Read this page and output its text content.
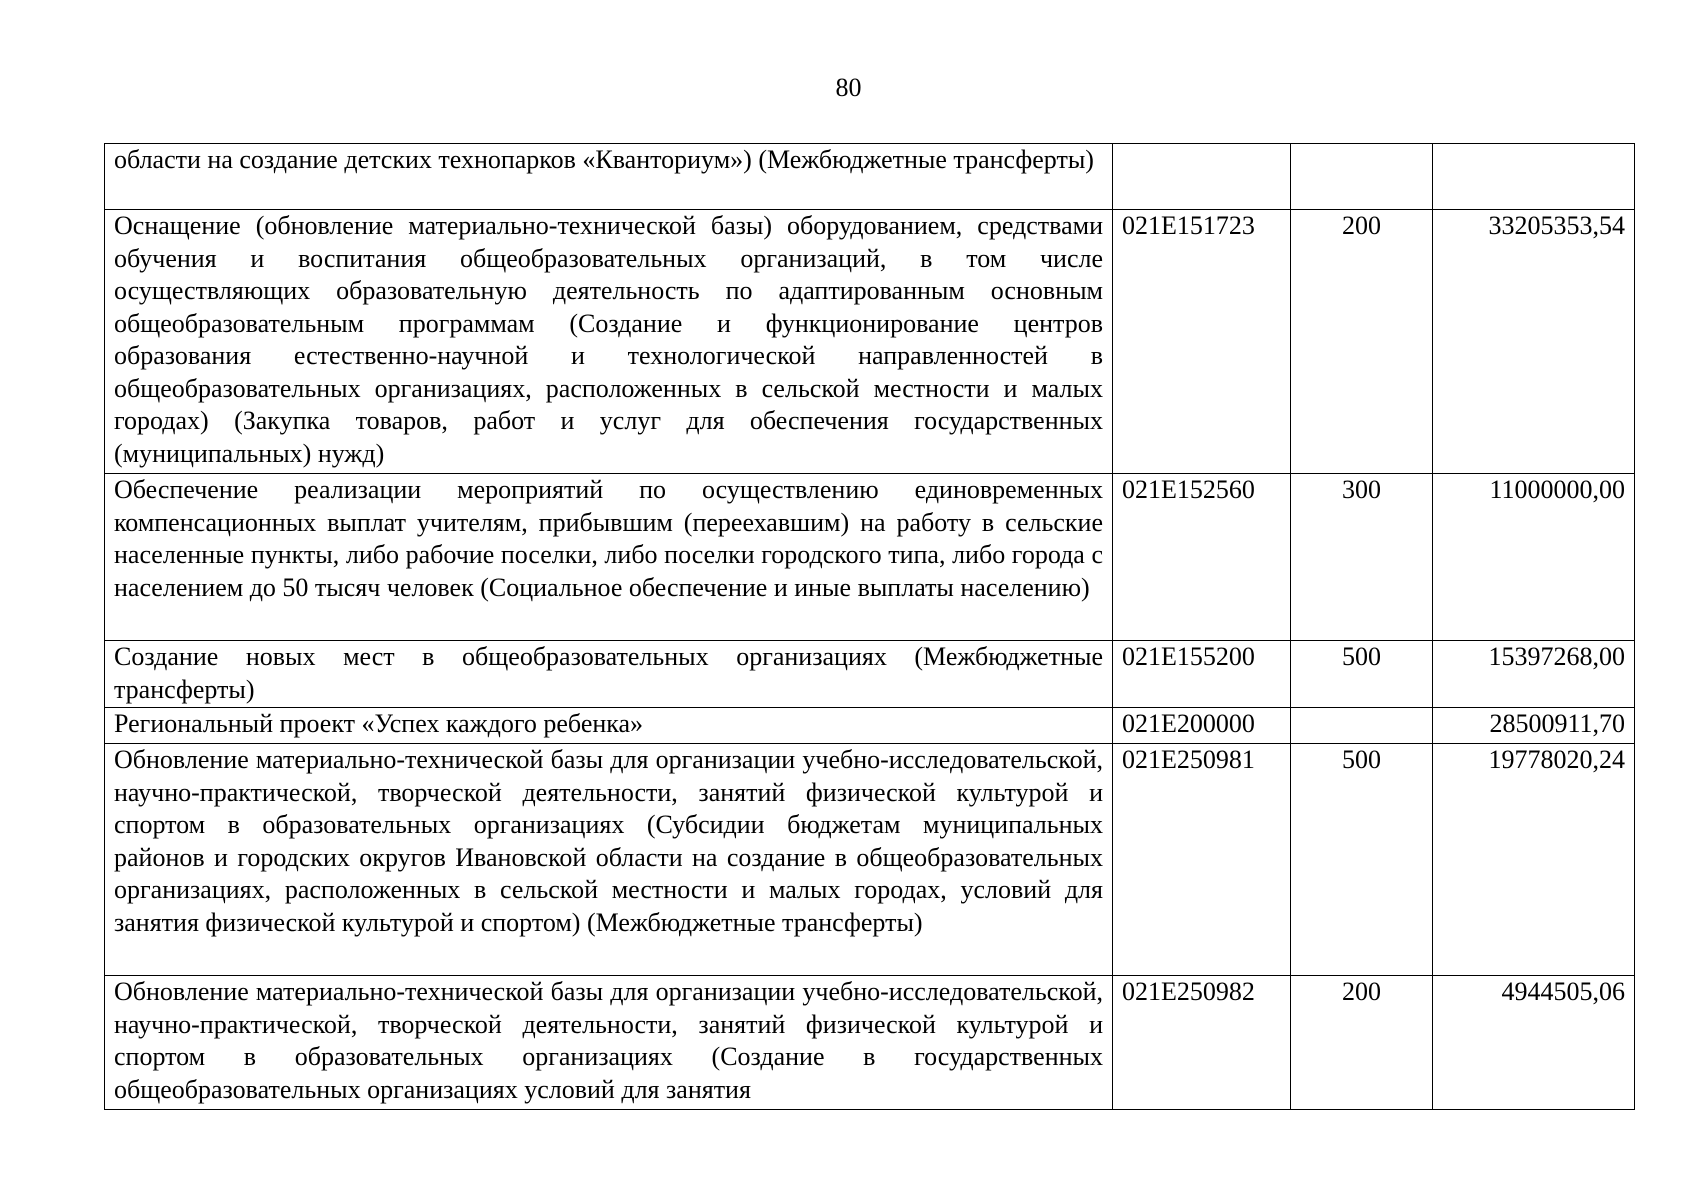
80
области на создание детских технопарков «Кванториум») (Межбюджетные трансферты)			
Оснащение (обновление материально-технической базы) оборудованием, средствами обучения и воспитания общеобразовательных организаций, в том числе осуществляющих образовательную деятельность по адаптированным основным общеобразовательным программам (Создание и функционирование центров образования естественно-научной и технологической направленностей в общеобразовательных организациях, расположенных в сельской местности и малых городах) (Закупка товаров, работ и услуг для обеспечения государственных (муниципальных) нужд)	021Е151723	200	33205353,54
Обеспечение реализации мероприятий по осуществлению единовременных компенсационных выплат учителям, прибывшим (переехавшим) на работу в сельские населенные пункты, либо рабочие поселки, либо поселки городского типа, либо города с населением до 50 тысяч человек (Социальное обеспечение и иные выплаты населению)	021Е152560	300	11000000,00
Создание новых мест в общеобразовательных организациях (Межбюджетные трансферты)	021Е155200	500	15397268,00
Региональный проект «Успех каждого ребенка»	021Е200000		28500911,70
Обновление материально-технической базы для организации учебно-исследовательской, научно-практической, творческой деятельности, занятий физической культурой и спортом в образовательных организациях (Субсидии бюджетам муниципальных районов и городских округов Ивановской области на создание в общеобразовательных организациях, расположенных в сельской местности и малых городах, условий для занятия физической культурой и спортом) (Межбюджетные трансферты)	021Е250981	500	19778020,24
Обновление материально-технической базы для организации учебно-исследовательской, научно-практической, творческой деятельности, занятий физической культурой и спортом в образовательных организациях (Создание в государственных общеобразовательных организациях условий для занятия	021Е250982	200	4944505,06
